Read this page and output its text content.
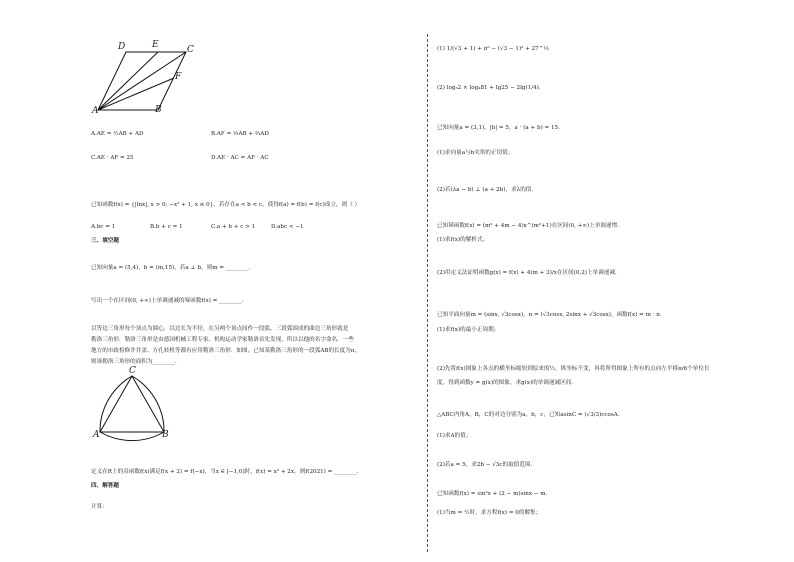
D	E	C
F
A	B
A.AE = ½AB + AD	B.AF = ⅓AB + ⅔AD
C.AE · AF = 25	D.AE · AC = AF · AC
已知函数f(x) = {|lnx|, x > 0; −x² + 1, x ≤ 0}，若存在a < b < c，使得f(a) = f(b) = f(c)成立，则（ ）
A.bc = 1	B.b + c = 1	C.a + b + c > 1	D.abc < −1
三、填空题
已知向量a = (5,4)，b = (m,15)，若a ⊥ b，则m = ________.
写出一个在区间(0, +∞)上单调递减的幂函数f(x) = ________.
以等边三角形每个顶点为圆心，以边长为半径，在另两个顶点间作一段弧，三段弧围成的曲边三角形就是
勒洛三角形．勒洛三角形是由德国机械工程专家、机构运动学家勒洛首先发现，所以以他的名字命名．一些
地方的市政检修井井盖、方孔转机等都有应用勒洛三角形．如图，已知某勒洛三角形的一段弧AB的长度为π，
则该勒洛三角形的面积为________.
C
A	B
定义在R上的奇函数f(x)满足f(x + 2) = f(−x)，当x ∈ [−1,0]时，f(x) = x² + 2x，则f(2021) = ________.
四、解答题
计算：
(1) 1/(√3 + 1) + π⁰ − (√3 − 1)² + 27^⅓
(2) log₃2 × log₄81 + lg25 − 2lg(1/4).
已知向量a = (3,1)，|b| = 5，a · (a + b) = 15．
(1)求向量a与b夹角的正切值；
(2)若(λa − b) ⊥ (a + 2b)，求λ的值．
已知幂函数f(x) = (m² + 4m − 4)x^(m²+1)在区间(0, +∞)上单调递增．
(1)求f(x)的解析式；
(2)用定义法证明函数g(x) = f(x) + 4(m + 3)/x在区间(0,2)上单调递减．
已知平面向量m = (sinx, √3cosx)，n = (√3cosx, 2sinx + √3cosx)，函数f(x) = m · n．
(1)求f(x)的最小正周期；
(2)先将f(x)图象上各点的横坐标缩短到原来的½，纵坐标不变，再将所得图象上所有的点向左平移π/6个单位长
度，得到函数y = g(x)的图象，求g(x)的单调递减区间．
△ABC内角A，B，C的对边分别为a，b，c，已知asinC = (√3/3)ccosA．
(1)求A的值；
(2)若a = 5，求2b − √3c的取值范围．
已知函数f(x) = sin²x + (2 − m)sinx − m．
(1)当m = ½时，求方程f(x) = 0的解集；
